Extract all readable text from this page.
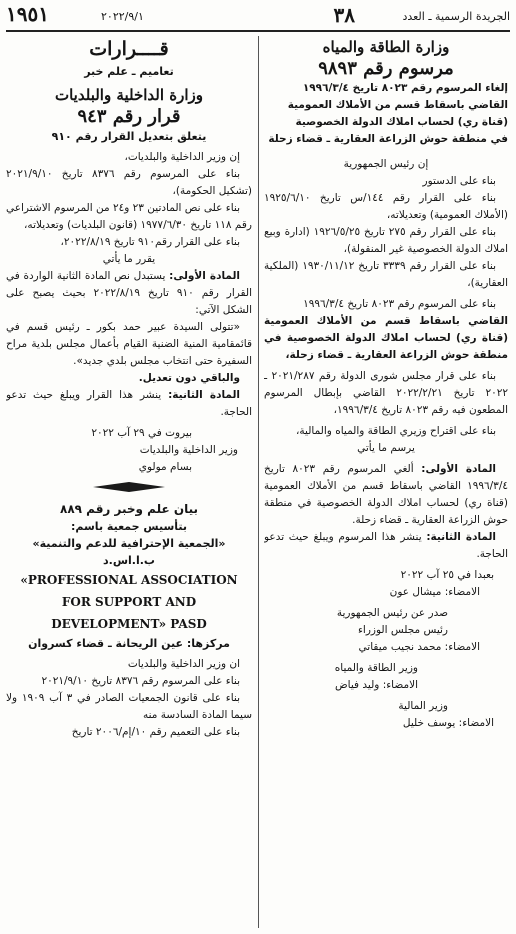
الجريدة الرسمية ـ العدد
٣٨
٢٠٢٢/٩/١
١٩٥١
وزارة الطاقة والمياه
مرسوم رقم ٩٨٩٣
إلغاء المرسوم رقم ٨٠٢٣ تاريخ ١٩٩٦/٣/٤
القاضي باسقاط قسم من الأملاك العمومية
(قناة ري) لحساب املاك الدولة الخصوصية
في منطقة حوش الزراعة العقارية ـ قضاء زحلة
إن رئيس الجمهورية
بناء على الدستور
بناء على القرار رقم ١٤٤/س تاريخ ١٩٢٥/٦/١٠ (الأملاك العمومية) وتعديلاته،
بناء على القرار رقم ٢٧٥ تاريخ ١٩٢٦/٥/٢٥ (ادارة وبيع املاك الدولة الخصوصية غير المنقولة)،
بناء على القرار رقم ٣٣٣٩ تاريخ ١٩٣٠/١١/١٢ (الملكية العقارية)،
بناء على المرسوم رقم ٨٠٢٣ تاريخ ١٩٩٦/٣/٤
القاضي باسقاط قسم من الأملاك العمومية (قناة ري) لحساب املاك الدولة الخصوصية في منطقة حوش الزراعة العقارية ـ قضاء زحلة،
بناء على قرار مجلس شورى الدولة رقم ٢٠٢١/٢٨٧ ـ ٢٠٢٢ تاريخ ٢٠٢٢/٢/٢١ القاضي بإبطال المرسوم المطعون فيه رقم ٨٠٢٣ تاريخ ١٩٩٦/٣/٤،
بناء على اقتراح وزيري الطاقة والمياه والمالية،
يرسم ما يأتي
المادة الأولى: ألغي المرسوم رقم ٨٠٢٣ تاريخ ١٩٩٦/٣/٤ القاضي باسقاط قسم من الأملاك العمومية (قناة ري) لحساب املاك الدولة الخصوصية في منطقة حوش الزراعة العقارية ـ قضاء زحلة.
المادة الثانية: ينشر هذا المرسوم ويبلغ حيث تدعو الحاجة.
بعبدا في ٢٥ آب ٢٠٢٢
الامضاء: ميشال عون
صدر عن رئيس الجمهورية
رئيس مجلس الوزراء
الامضاء: محمد نجيب ميقاتي
وزير الطاقة والمياه
الامضاء: وليد فياض
وزير المالية
الامضاء: يوسف خليل
قــــرارات
تعاميم ـ علم خبر
وزارة الداخلية والبلديات
قرار رقم ٩٤٣
يتعلق بتعديل القرار رقم ٩١٠
إن وزير الداخلية والبلديات،
بناء على المرسوم رقم ٨٣٧٦ تاريخ ٢٠٢١/٩/١٠ (تشكيل الحكومة)،
بناء على نص المادتين ٢٣ و٢٤ من المرسوم الاشتراعي رقم ١١٨ تاريخ ١٩٧٧/٦/٣٠ (قانون البلديات) وتعديلاته،
بناء على القرار رقم٩١٠ تاريخ ٢٠٢٢/٨/١٩،
يقرر ما يأتي
المادة الأولى: يستبدل نص المادة الثانية الواردة في القرار رقم ٩١٠ تاريخ ٢٠٢٢/٨/١٩ بحيث يصبح على الشكل الآتي:
«تتولى السيدة عبير حمد بكور ـ رئيس قسم في قائمقامية المنية الضنية القيام بأعمال مجلس بلدية مراح السفيرة حتى انتخاب مجلس بلدي جديد».
والباقي دون تعديل.
المادة الثانية: ينشر هذا القرار ويبلغ حيث تدعو الحاجة.
بيروت في ٢٩ آب ٢٠٢٢
وزير الداخلية والبلديات
بسام مولوي
بيان علم وخبر رقم ٨٨٩
بتأسيس جمعية باسم:
«الجمعية الإحترافية للدعم والتنمية» ب.ا.اس.د
«PROFESSIONAL ASSOCIATION
FOR SUPPORT AND
DEVELOPMENT» PASD
مركزها: عين الريحانة ـ قضاء كسروان
ان وزير الداخلية والبلديات
بناء على المرسوم رقم ٨٣٧٦ تاريخ ٢٠٢١/٩/١٠
بناء على قانون الجمعيات الصادر في ٣ آب ١٩٠٩ ولا سيما المادة السادسة منه
بناء على التعميم رقم ١٠/إم/٢٠٠٦ تاريخ
